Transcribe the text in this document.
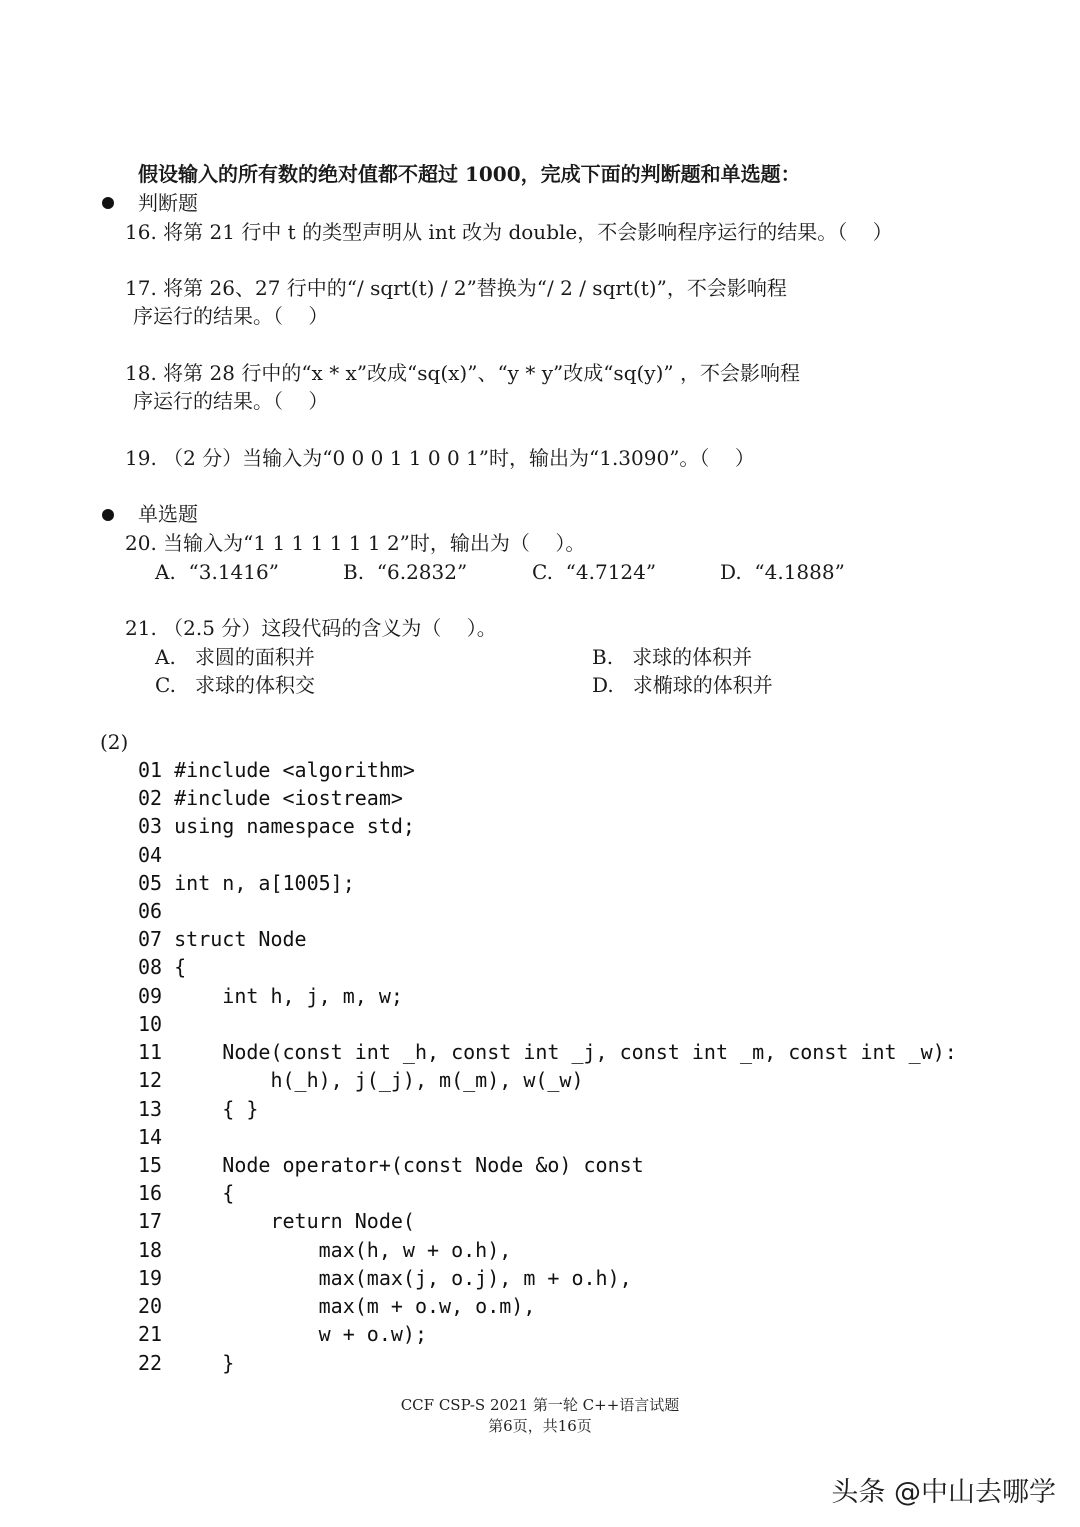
假设输入的所有数的绝对值都不超过 1000，完成下面的判断题和单选题：
判断题
16. 将第 21 行中 t 的类型声明从 int 改为 double，不会影响程序运行的结果。（    ）
17. 将第 26、27 行中的“/ sqrt(t) / 2”替换为“/ 2 / sqrt(t)”，不会影响程
序运行的结果。（    ）
18. 将第 28 行中的“x * x”改成“sq(x)”、“y * y”改成“sq(y)” ，不会影响程
序运行的结果。（    ）
19. （2 分）当输入为“0 0 0 1 1 0 0 1”时，输出为“1.3090”。（    ）
单选题
20. 当输入为“1 1 1 1 1 1 1 2”时，输出为（    ）。
A.  “3.1416”	B.  “6.2832”	C.  “4.7124”	D.  “4.1888”
21. （2.5 分）这段代码的含义为（    ）。
A.   求圆的面积并	B.   求球的体积并
C.   求球的体积交	D.   求椭球的体积并
(2)
01 #include <algorithm>
02 #include <iostream>
03 using namespace std;
04
05 int n, a[1005];
06
07 struct Node
08 {
09     int h, j, m, w;
10
11     Node(const int _h, const int _j, const int _m, const int _w):
12         h(_h), j(_j), m(_m), w(_w)
13     { }
14
15     Node operator+(const Node &o) const
16     {
17         return Node(
18             max(h, w + o.h),
19             max(max(j, o.j), m + o.h),
20             max(m + o.w, o.m),
21             w + o.w);
22     }
CCF CSP-S 2021 第一轮 C++语言试题
第6页，共16页
头条 @中山去哪学
